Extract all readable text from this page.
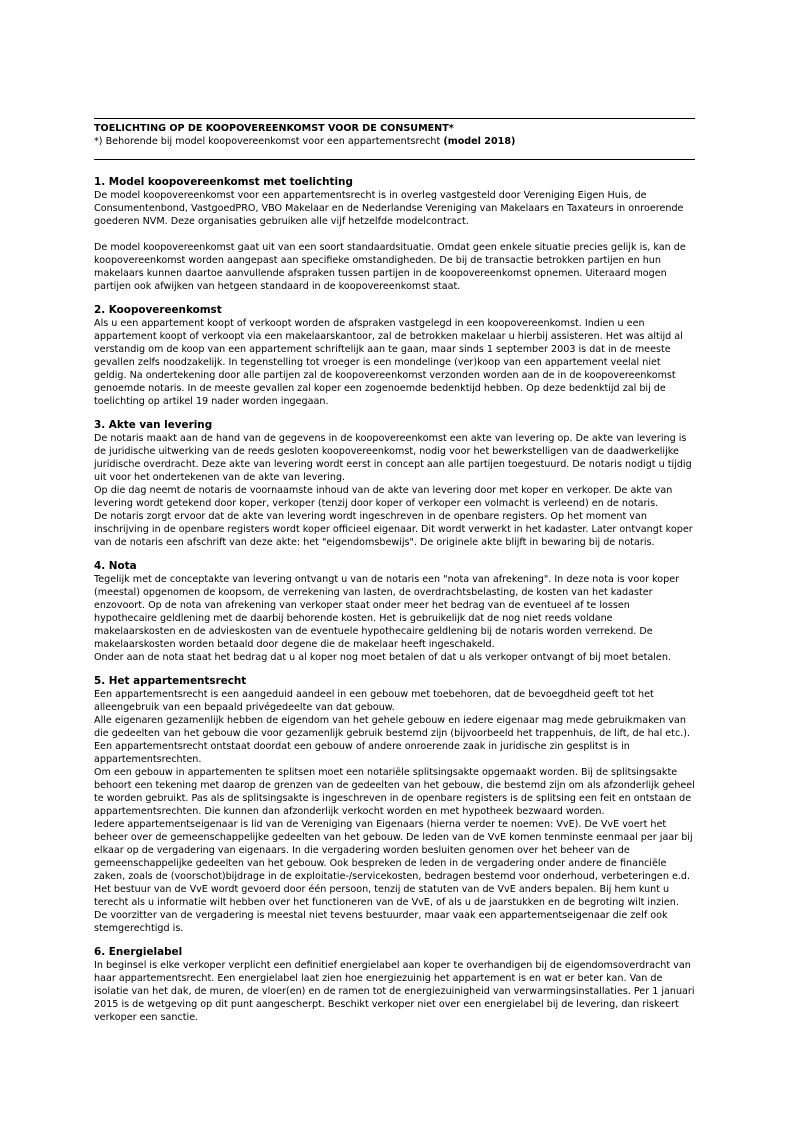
TOELICHTING OP DE KOOPOVEREENKOMST VOOR DE CONSUMENT*
*) Behorende bij model koopovereenkomst voor een appartementsrecht (model 2018)
1. Model koopovereenkomst met toelichting

De model koopovereenkomst voor een appartementsrecht is in overleg vastgesteld door Vereniging Eigen Huis, de Consumentenbond, VastgoedPRO, VBO Makelaar en de Nederlandse Vereniging van Makelaars en Taxateurs in onroerende goederen NVM. Deze organisaties gebruiken alle vijf hetzelfde modelcontract.

De model koopovereenkomst gaat uit van een soort standaardsituatie. Omdat geen enkele situatie precies gelijk is, kan de koopovereenkomst worden aangepast aan specifieke omstandigheden. De bij de transactie betrokken partijen en hun makelaars kunnen daartoe aanvullende afspraken tussen partijen in de koopovereenkomst opnemen. Uiteraard mogen partijen ook afwijken van hetgeen standaard in de koopovereenkomst staat.

2. Koopovereenkomst

Als u een appartement koopt of verkoopt worden de afspraken vastgelegd in een koopovereenkomst. Indien u een appartement koopt of verkoopt via een makelaarskantoor, zal de betrokken makelaar u hierbij assisteren. Het was altijd al verstandig om de koop van een appartement schriftelijk aan te gaan, maar sinds 1 september 2003 is dat in de meeste gevallen zelfs noodzakelijk. In tegenstelling tot vroeger is een mondelinge (ver)koop van een appartement veelal niet geldig. Na ondertekening door alle partijen zal de koopovereenkomst verzonden worden aan de in de koopovereenkomst genoemde notaris. In de meeste gevallen zal koper een zogenoemde bedenktijd hebben. Op deze bedenktijd zal bij de toelichting op artikel 19 nader worden ingegaan.

3. Akte van levering

De notaris maakt aan de hand van de gegevens in de koopovereenkomst een akte van levering op. De akte van levering is de juridische uitwerking van de reeds gesloten koopovereenkomst, nodig voor het bewerkstelligen van de daadwerkelijke juridische overdracht. Deze akte van levering wordt eerst in concept aan alle partijen toegestuurd. De notaris nodigt u tijdig uit voor het ondertekenen van de akte van levering.

Op die dag neemt de notaris de voornaamste inhoud van de akte van levering door met koper en verkoper. De akte van levering wordt getekend door koper, verkoper (tenzij door koper of verkoper een volmacht is verleend) en de notaris.

De notaris zorgt ervoor dat de akte van levering wordt ingeschreven in de openbare registers. Op het moment van inschrijving in de openbare registers wordt koper officieel eigenaar. Dit wordt verwerkt in het kadaster. Later ontvangt koper van de notaris een afschrift van deze akte: het "eigendomsbewijs". De originele akte blijft in bewaring bij de notaris.

4. Nota

Tegelijk met de conceptakte van levering ontvangt u van de notaris een "nota van afrekening". In deze nota is voor koper (meestal) opgenomen de koopsom, de verrekening van lasten, de overdrachtsbelasting, de kosten van het kadaster enzovoort. Op de nota van afrekening van verkoper staat onder meer het bedrag van de eventueel af te lossen hypothecaire geldlening met de daarbij behorende kosten. Het is gebruikelijk dat de nog niet reeds voldane makelaarskosten en de advieskosten van de eventuele hypothecaire geldlening bij de notaris worden verrekend. De makelaarskosten worden betaald door degene die de makelaar heeft ingeschakeld.

Onder aan de nota staat het bedrag dat u al koper nog moet betalen of dat u als verkoper ontvangt of bij moet betalen.

5. Het appartementsrecht

Een appartementsrecht is een aangeduid aandeel in een gebouw met toebehoren, dat de bevoegdheid geeft tot het alleengebruik van een bepaald privégedeelte van dat gebouw.

Alle eigenaren gezamenlijk hebben de eigendom van het gehele gebouw en iedere eigenaar mag mede gebruikmaken van die gedeelten van het gebouw die voor gezamenlijk gebruik bestemd zijn (bijvoorbeeld het trappenhuis, de lift, de hal etc.).

Een appartementsrecht ontstaat doordat een gebouw of andere onroerende zaak in juridische zin gesplitst is in appartementsrechten.

Om een gebouw in appartementen te splitsen moet een notariële splitsingsakte opgemaakt worden. Bij de splitsingsakte behoort een tekening met daarop de grenzen van de gedeelten van het gebouw, die bestemd zijn om als afzonderlijk geheel te worden gebruikt. Pas als de splitsingsakte is ingeschreven in de openbare registers is de splitsing een feit en ontstaan de appartementsrechten. Die kunnen dan afzonderlijk verkocht worden en met hypotheek bezwaard worden.

Iedere appartementseigenaar is lid van de Vereniging van Eigenaars (hierna verder te noemen: VvE). De VvE voert het beheer over de gemeenschappelijke gedeelten van het gebouw. De leden van de VvE komen tenminste eenmaal per jaar bij elkaar op de vergadering van eigenaars. In die vergadering worden besluiten genomen over het beheer van de gemeenschappelijke gedeelten van het gebouw. Ook bespreken de leden in de vergadering onder andere de financiële zaken, zoals de (voorschot)bijdrage in de exploitatie-/servicekosten, bedragen bestemd voor onderhoud, verbeteringen e.d. Het bestuur van de VvE wordt gevoerd door één persoon, tenzij de statuten van de VvE anders bepalen. Bij hem kunt u terecht als u informatie wilt hebben over het functioneren van de VvE, of als u de jaarstukken en de begroting wilt inzien. De voorzitter van de vergadering is meestal niet tevens bestuurder, maar vaak een appartementseigenaar die zelf ook stemgerechtigd is.

6. Energielabel

In beginsel is elke verkoper verplicht een definitief energielabel aan koper te overhandigen bij de eigendomsoverdracht van haar appartementsrecht. Een energielabel laat zien hoe energiezuinig het appartement is en wat er beter kan. Van de isolatie van het dak, de muren, de vloer(en) en de ramen tot de energiezuinigheid van verwarmingsinstallaties. Per 1 januari 2015 is de wetgeving op dit punt aangescherpt. Beschikt verkoper niet over een energielabel bij de levering, dan riskeert verkoper een sanctie.
